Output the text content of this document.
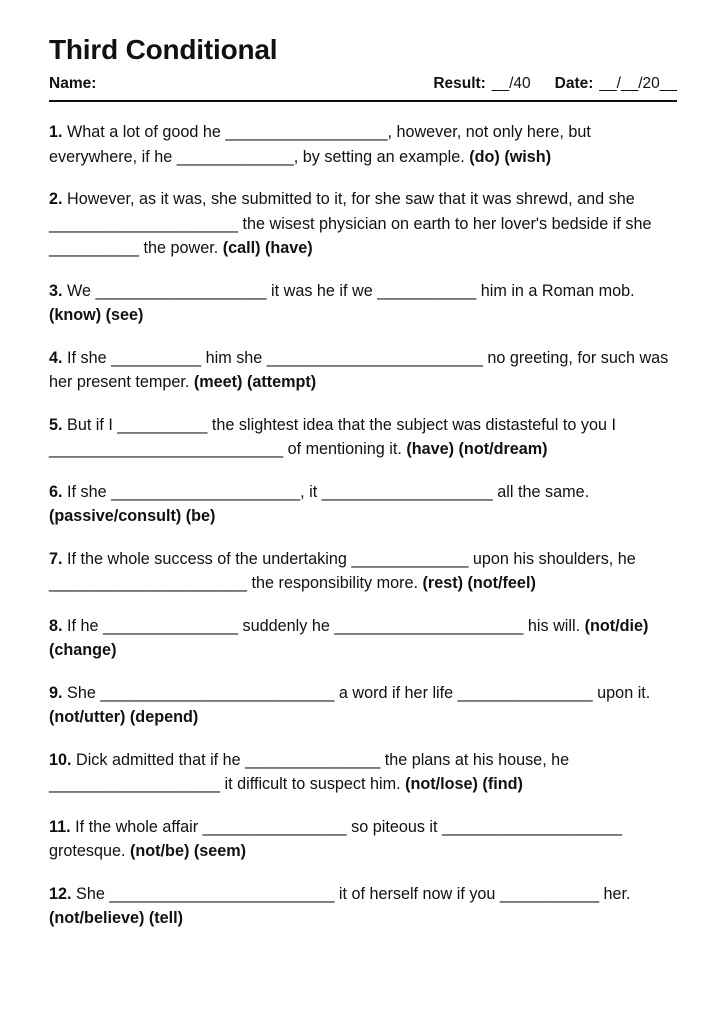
Third Conditional
Name:	Result: __/40 Date: __/__/20__

1. What a lot of good he __________________, however, not only here, but everywhere, if he _____________, by setting an example. (do) (wish)

2. However, as it was, she submitted to it, for she saw that it was shrewd, and she _____________________ the wisest physician on earth to her lover's bedside if she __________ the power. (call) (have)

3. We ___________________ it was he if we ___________ him in a Roman mob. (know) (see)

4. If she __________ him she ________________________ no greeting, for such was her present temper. (meet) (attempt)

5. But if I __________ the slightest idea that the subject was distasteful to you I __________________________ of mentioning it. (have) (not/dream)

6. If she _____________________, it ___________________ all the same. (passive/consult) (be)

7. If the whole success of the undertaking _____________ upon his shoulders, he ______________________ the responsibility more. (rest) (not/feel)

8. If he _______________ suddenly he _____________________ his will. (not/die) (change)

9. She __________________________ a word if her life _______________ upon it. (not/utter) (depend)

10. Dick admitted that if he _______________ the plans at his house, he ___________________ it difficult to suspect him. (not/lose) (find)

11. If the whole affair ________________ so piteous it ____________________ grotesque. (not/be) (seem)

12. She _________________________ it of herself now if you ___________ her. (not/believe) (tell)
